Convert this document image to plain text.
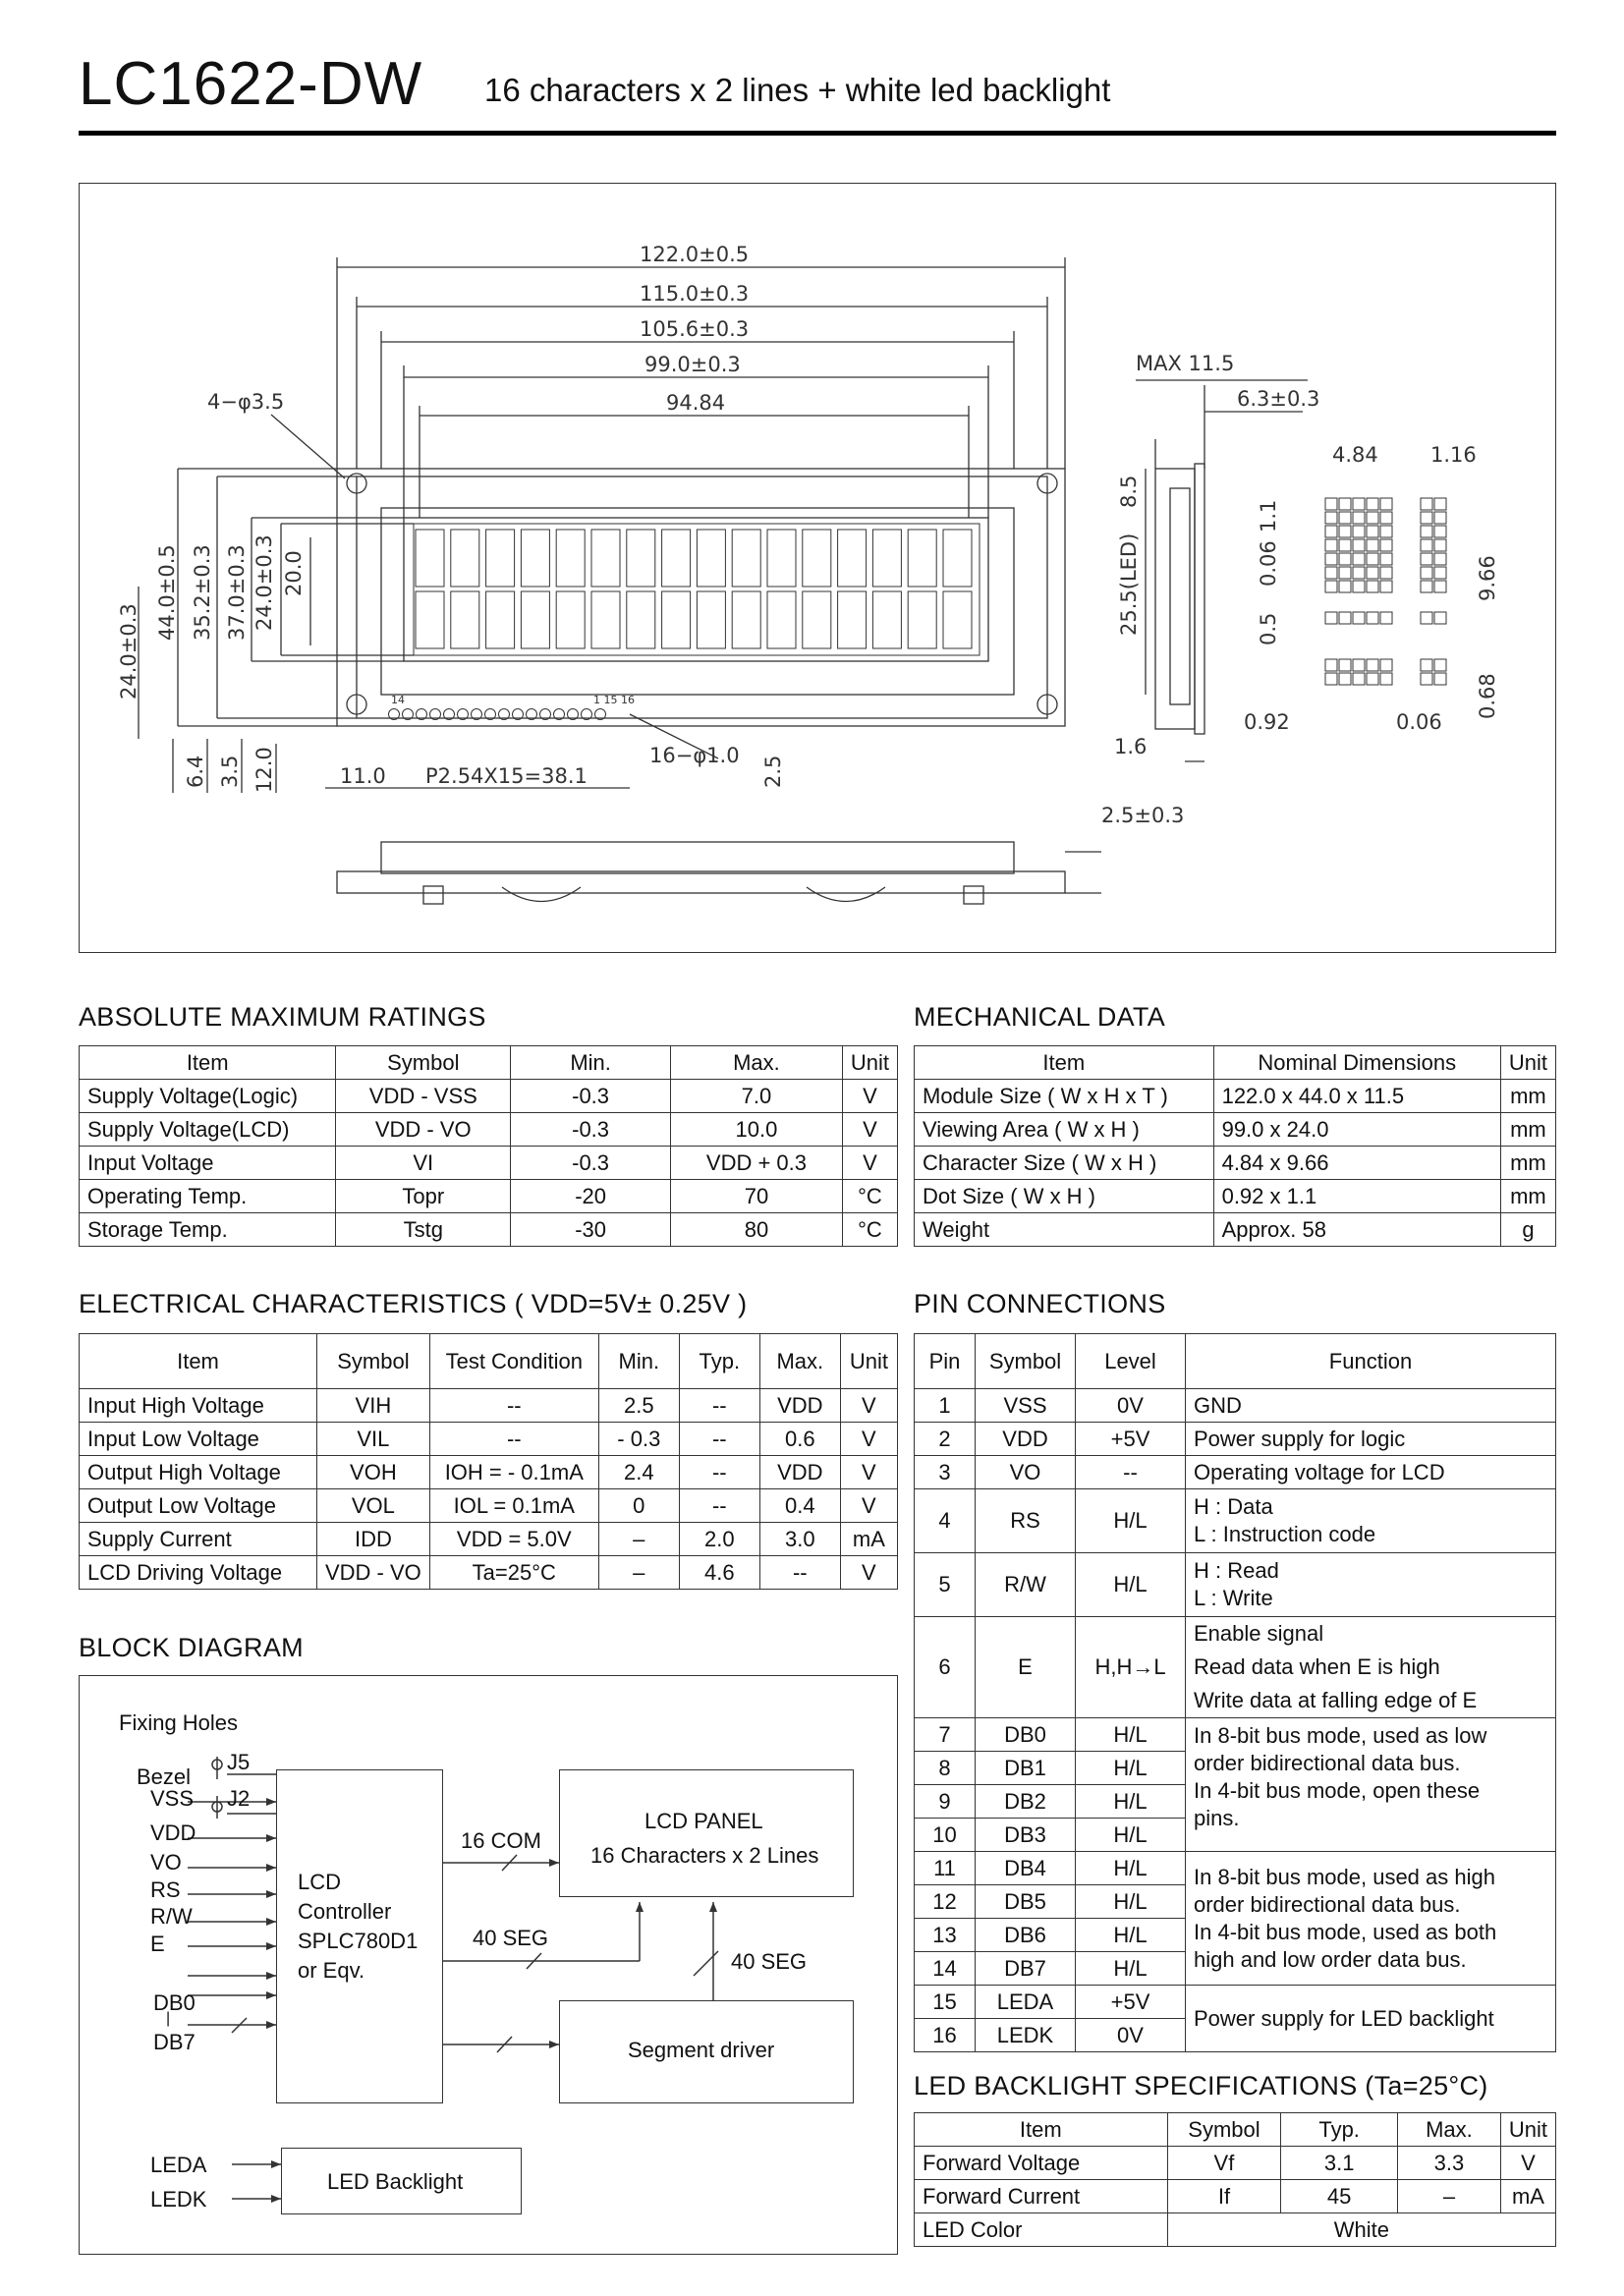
LC1622-DW 16 characters x 2 lines + white led backlight
122.0±0.5
115.0±0.3
105.6±0.3
99.0±0.3
94.84
4−φ3.5
MAX 11.5
6.3±0.3
4.84	1.16
0.92	0.06
1.6
11.0 P2.54X15=38.1
16−φ1.0
2.5±0.3
14	1 15 16
24.0±0.3
44.0±0.5 35.2±0.3 37.0±0.3 24.0±0.3 20.0
8.5
25.5(LED)
1.1
0.06
0.5
9.66
0.68
6.4 3.5 12.0	2.5
ABSOLUTE MAXIMUM RATINGS
Item	Symbol	Min.	Max.	Unit
Supply Voltage(Logic)	VDD - VSS	-0.3	7.0	V
Supply Voltage(LCD)	VDD - VO	-0.3	10.0	V
Input Voltage	VI	-0.3	VDD + 0.3	V
Operating Temp.	Topr	-20	70	°C
Storage Temp.	Tstg	-30	80	°C
MECHANICAL DATA
Item	Nominal Dimensions	Unit
Module Size ( W x H x T )	122.0 x 44.0 x 11.5	mm
Viewing Area ( W x H )	99.0 x 24.0	mm
Character Size ( W x H )	4.84 x 9.66	mm
Dot Size ( W x H )	0.92 x 1.1	mm
Weight	Approx. 58	g
ELECTRICAL CHARACTERISTICS ( VDD=5V± 0.25V )
Item	Symbol	Test Condition	Min.	Typ.	Max.	Unit
Input High Voltage	VIH	--	2.5	--	VDD	V
Input Low Voltage	VIL	--	- 0.3	--	0.6	V
Output High Voltage	VOH	IOH = - 0.1mA	2.4	--	VDD	V
Output Low Voltage	VOL	IOL = 0.1mA	0	--	0.4	V
Supply Current	IDD	VDD = 5.0V	–	2.0	3.0	mA
LCD Driving Voltage	VDD - VO	Ta=25°C	–	4.6	--	V
PIN CONNECTIONS
Pin	Symbol	Level	Function
1	VSS	0V	GND
2	VDD	+5V	Power supply for logic
3	VO	--	Operating voltage for LCD
4	RS	H/L	H : Data
L : Instruction code

5	R/W	H/L	H : Read
L : Write

6	E	H,H→L	Enable signal
Read data when E is high
Write data at falling edge of E

7	DB0	H/L	In 8-bit bus mode, used as low
order bidirectional data bus.
In 4-bit bus mode, open these
pins.

8	DB1	H/L	
9	DB2	H/L	
10	DB3	H/L	
11	DB4	H/L	In 8-bit bus mode, used as high
order bidirectional data bus.
In 4-bit bus mode, used as both
high and low order data bus.

12	DB5	H/L	
13	DB6	H/L	
14	DB7	H/L	
15	LEDA	+5V	Power supply for LED backlight
16	LEDK	0V	
BLOCK DIAGRAM
Fixing Holes
Bezel
J5
J2
VSS
VDD
VO
RS
R/W
E
DB0
|
DB7
LCD
Controller
SPLC780D1
or Eqv.
16 COM
40 SEG
40 SEG
LCD PANEL
16 Characters x 2 Lines
Segment driver
LEDA
LEDK
LED Backlight
LED BACKLIGHT SPECIFICATIONS (Ta=25°C)
Item	Symbol	Typ.	Max.	Unit
Forward Voltage	Vf	3.1	3.3	V
Forward Current	If	45	–	mA
LED Color	White			
